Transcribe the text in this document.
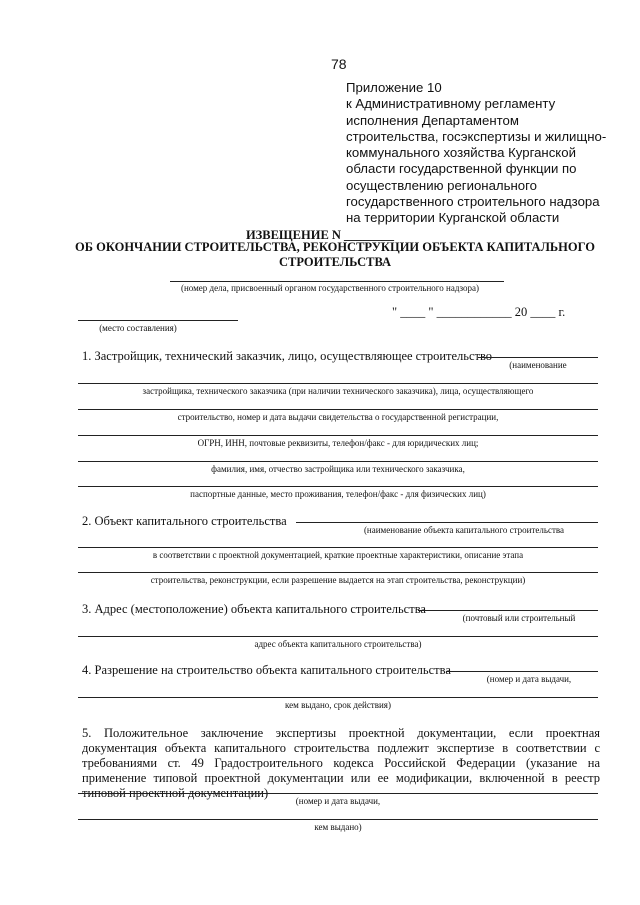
78
Приложение 10
к Административному регламенту исполнения Департаментом строительства, госэкспертизы и жилищно-коммунального хозяйства Курганской области государственной функции по осуществлению регионального государственного строительного надзора на территории Курганской области
ИЗВЕЩЕНИЕ N ________
ОБ ОКОНЧАНИИ СТРОИТЕЛЬСТВА, РЕКОНСТРУКЦИИ ОБЪЕКТА КАПИТАЛЬНОГО СТРОИТЕЛЬСТВА
(номер дела, присвоенный органом государственного строительного надзора)
" ____ " ____________ 20 ____ г.
(место составления)
1. Застройщик, технический заказчик, лицо, осуществляющее строительство
(наименование
застройщика, технического заказчика (при наличии технического заказчика), лица, осуществляющего
строительство, номер и дата выдачи свидетельства о государственной регистрации,
ОГРН, ИНН, почтовые реквизиты, телефон/факс - для юридических лиц;
фамилия, имя, отчество застройщика или технического заказчика,
паспортные данные, место проживания, телефон/факс - для физических лиц)
2. Объект капитального строительства
(наименование объекта капитального строительства
в соответствии с проектной документацией, краткие проектные характеристики, описание этапа
строительства, реконструкции, если разрешение выдается на этап строительства, реконструкции)
3. Адрес (местоположение) объекта капитального строительства
(почтовый или строительный
адрес объекта капитального строительства)
4. Разрешение на строительство объекта капитального строительства
(номер и дата выдачи,
кем выдано, срок действия)
5. Положительное заключение экспертизы проектной документации, если проектная документация объекта капитального строительства подлежит экспертизе в соответствии с требованиями ст. 49 Градостроительного кодекса Российской Федерации (указание на применение типовой проектной документации или ее модификации, включенной в реестр типовой проектной документации)
(номер и дата выдачи,
кем выдано)
